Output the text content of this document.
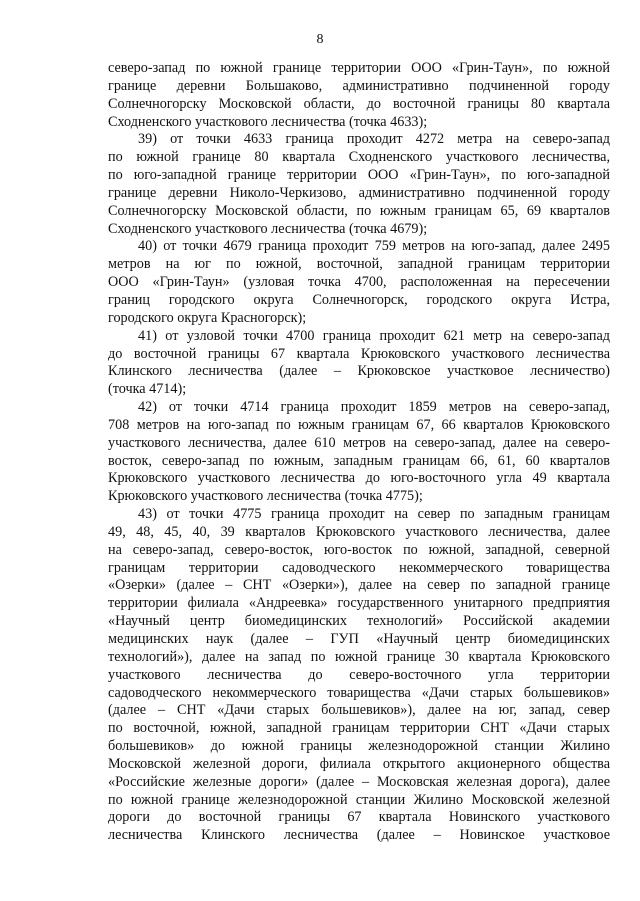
8
северо-запад по южной границе территории ООО «Грин-Таун», по южной
границе деревни Большаково, административно подчиненной городу
Солнечногорску Московской области, до восточной границы 80 квартала
Сходненского участкового лесничества (точка 4633);
39) от точки 4633 граница проходит 4272 метра на северо-запад
по южной границе 80 квартала Сходненского участкового лесничества,
по юго-западной границе территории ООО «Грин-Таун», по юго-западной
границе деревни Николо-Черкизово, административно подчиненной городу
Солнечногорску Московской области, по южным границам 65, 69 кварталов
Сходненского участкового лесничества (точка 4679);
40) от точки 4679 граница проходит 759 метров на юго-запад, далее 2495
метров на юг по южной, восточной, западной границам территории
ООО «Грин-Таун» (узловая точка 4700, расположенная на пересечении
границ городского округа Солнечногорск, городского округа Истра,
городского округа Красногорск);
41) от узловой точки 4700 граница проходит 621 метр на северо-запад
до восточной границы 67 квартала Крюковского участкового лесничества
Клинского лесничества (далее – Крюковское участковое лесничество)
(точка 4714);
42) от точки 4714 граница проходит 1859 метров на северо-запад,
708 метров на юго-запад по южным границам 67, 66 кварталов Крюковского
участкового лесничества, далее 610 метров на северо-запад, далее на северо-
восток, северо-запад по южным, западным границам 66, 61, 60 кварталов
Крюковского участкового лесничества до юго-восточного угла 49 квартала
Крюковского участкового лесничества (точка 4775);
43) от точки 4775 граница проходит на север по западным границам
49, 48, 45, 40, 39 кварталов Крюковского участкового лесничества, далее
на северо-запад, северо-восток, юго-восток по южной, западной, северной
границам территории садоводческого некоммерческого товарищества
«Озерки» (далее – СНТ «Озерки»), далее на север по западной границе
территории филиала «Андреевка» государственного унитарного предприятия
«Научный центр биомедицинских технологий» Российской академии
медицинских наук (далее – ГУП «Научный центр биомедицинских
технологий»), далее на запад по южной границе 30 квартала Крюковского
участкового лесничества до северо-восточного угла территории
садоводческого некоммерческого товарищества «Дачи старых большевиков»
(далее – СНТ «Дачи старых большевиков»), далее на юг, запад, север
по восточной, южной, западной границам территории СНТ «Дачи старых
большевиков» до южной границы железнодорожной станции Жилино
Московской железной дороги, филиала открытого акционерного общества
«Российские железные дороги» (далее – Московская железная дорога), далее
по южной границе железнодорожной станции Жилино Московской железной
дороги до восточной границы 67 квартала Новинского участкового
лесничества Клинского лесничества (далее – Новинское участковое
